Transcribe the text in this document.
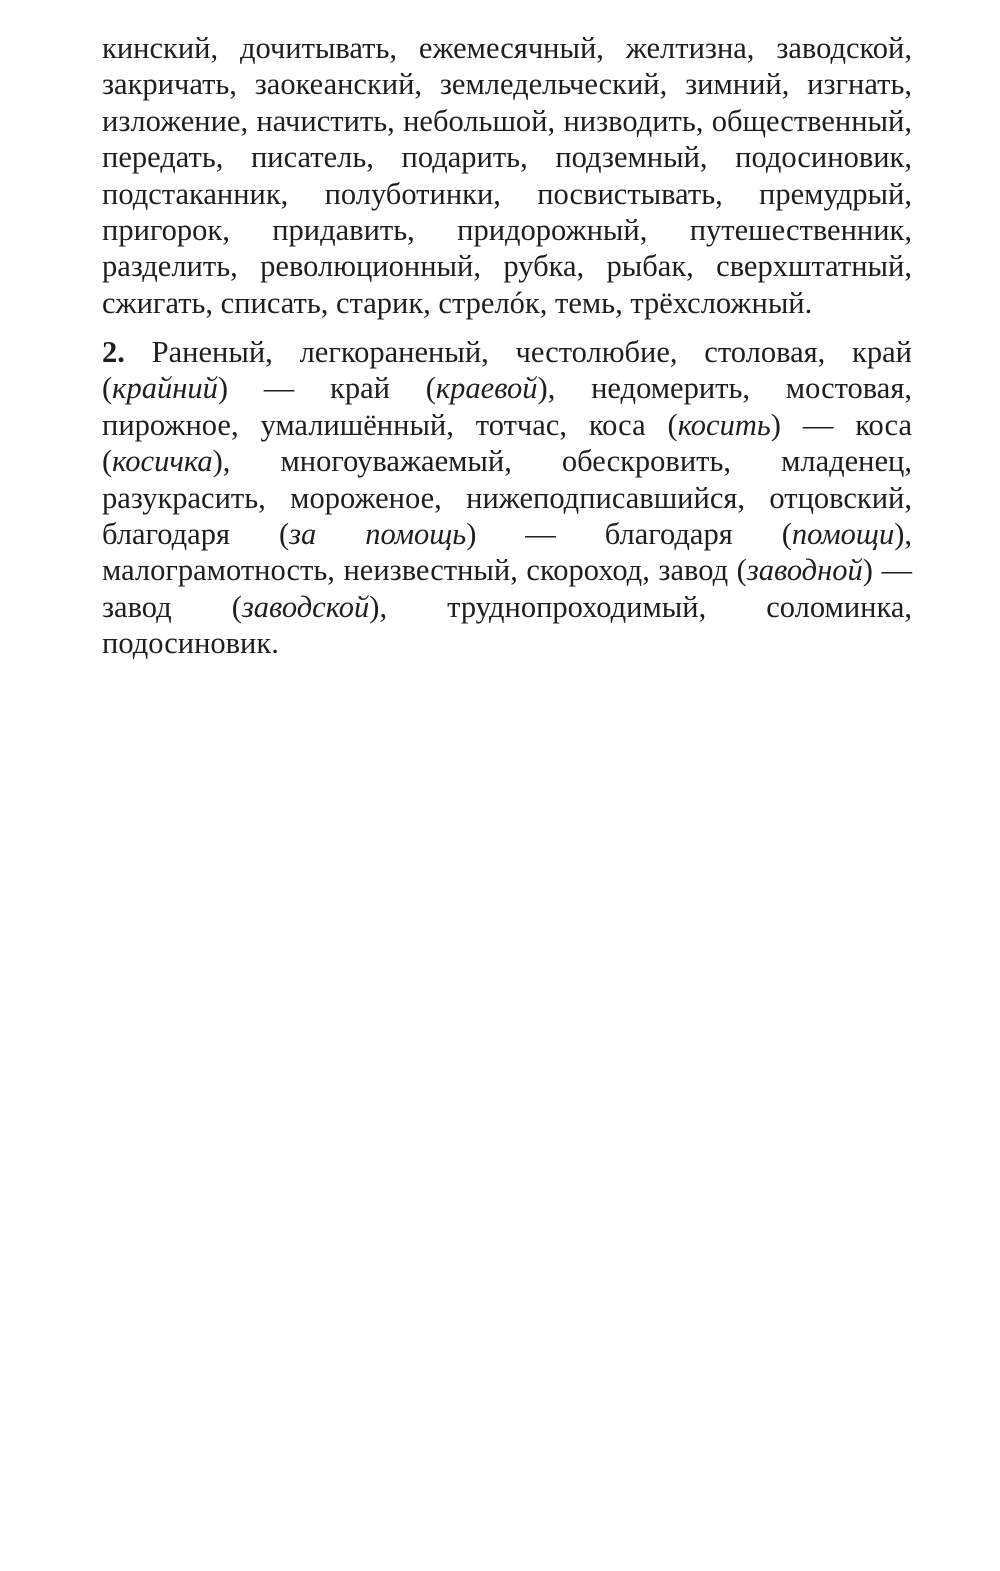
кинский, дочитывать, ежемесячный, желтизна, заводской, закричать, заокеанский, земледельческий, зимний, изгнать, изложение, начистить, небольшой, низводить, общественный, передать, писатель, подарить, подземный, подосиновик, подстаканник, полуботинки, посвистывать, премудрый, пригорок, придавить, придорожный, путешественник, разделить, революционный, рубка, рыбак, сверхштатный, сжигать, списать, старик, стрелóк, темь, трёхсложный.

2. Раненый, легкораненый, честолюбие, столовая, край (крайний) — край (краевой), недомерить, мостовая, пирожное, умалишённый, тотчас, коса (косить) — коса (косичка), многоуважаемый, обескровить, младенец, разукрасить, мороженое, нижеподписавшийся, отцовский, благодаря (за помощь) — благодаря (помощи), малограмотность, неизвестный, скороход, завод (заводной) — завод (заводской), труднопроходимый, соломинка, подосиновик.
